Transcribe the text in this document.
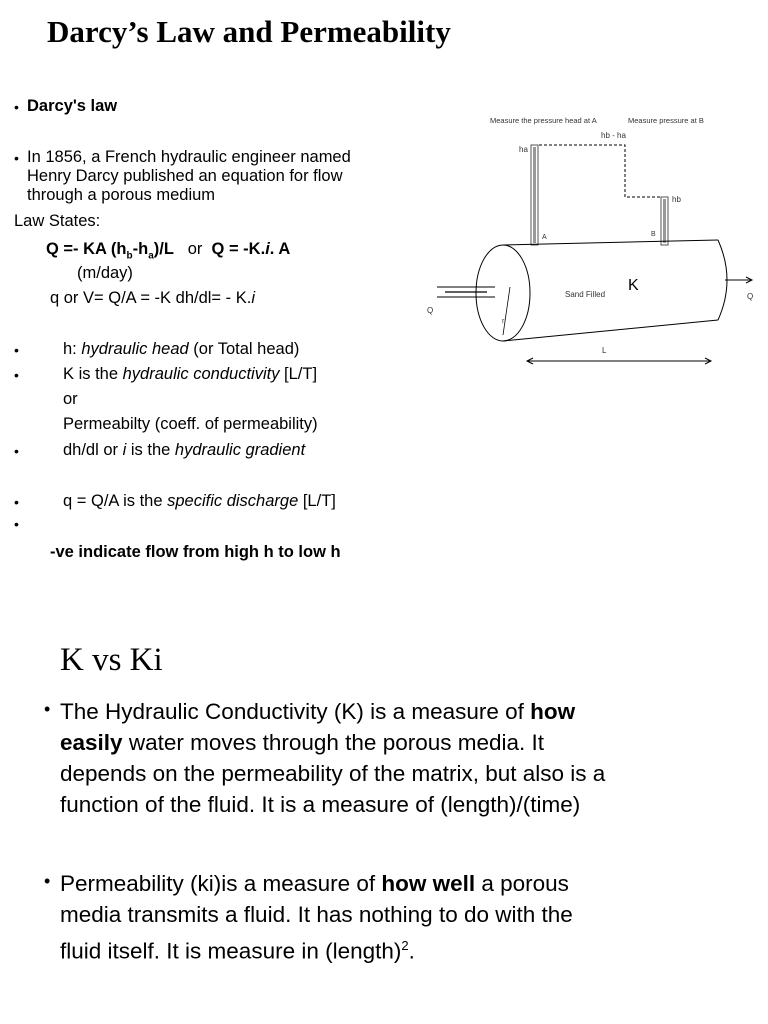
Darcy’s Law and Permeability
• Darcy's law
• In 1856, a French hydraulic engineer named
Henry Darcy published an equation for flow
through a porous medium
Law States:
Q =- KA $(h_b-h_a)/L$ or Q = -K.i. A
(m/day)
q or V= Q/A = -K dh/dl= - K.i
•	h: hydraulic head (or Total head)
•	K is the hydraulic conductivity [L/T]
or
Permeabilty (coeff. of permeability)
•	dh/dl or i is the hydraulic gradient
•	q = Q/A is the specific discharge [L/T]
•
-ve indicate flow from high h to low h
Measure the pressure head at A	Measure pressure at B
hb - ha
ha
hb
A	B
K
Sand Filled
Q
Q
r
L
K vs Ki
• The Hydraulic Conductivity (K) is a measure of how
easily water moves through the porous media. It
depends on the permeability of the matrix, but also is a
function of the fluid. It is a measure of (length)/(time)
• Permeability (ki)is a measure of how well a porous
media transmits a fluid. It has nothing to do with the
fluid itself. It is measure in (length)$^2$.
